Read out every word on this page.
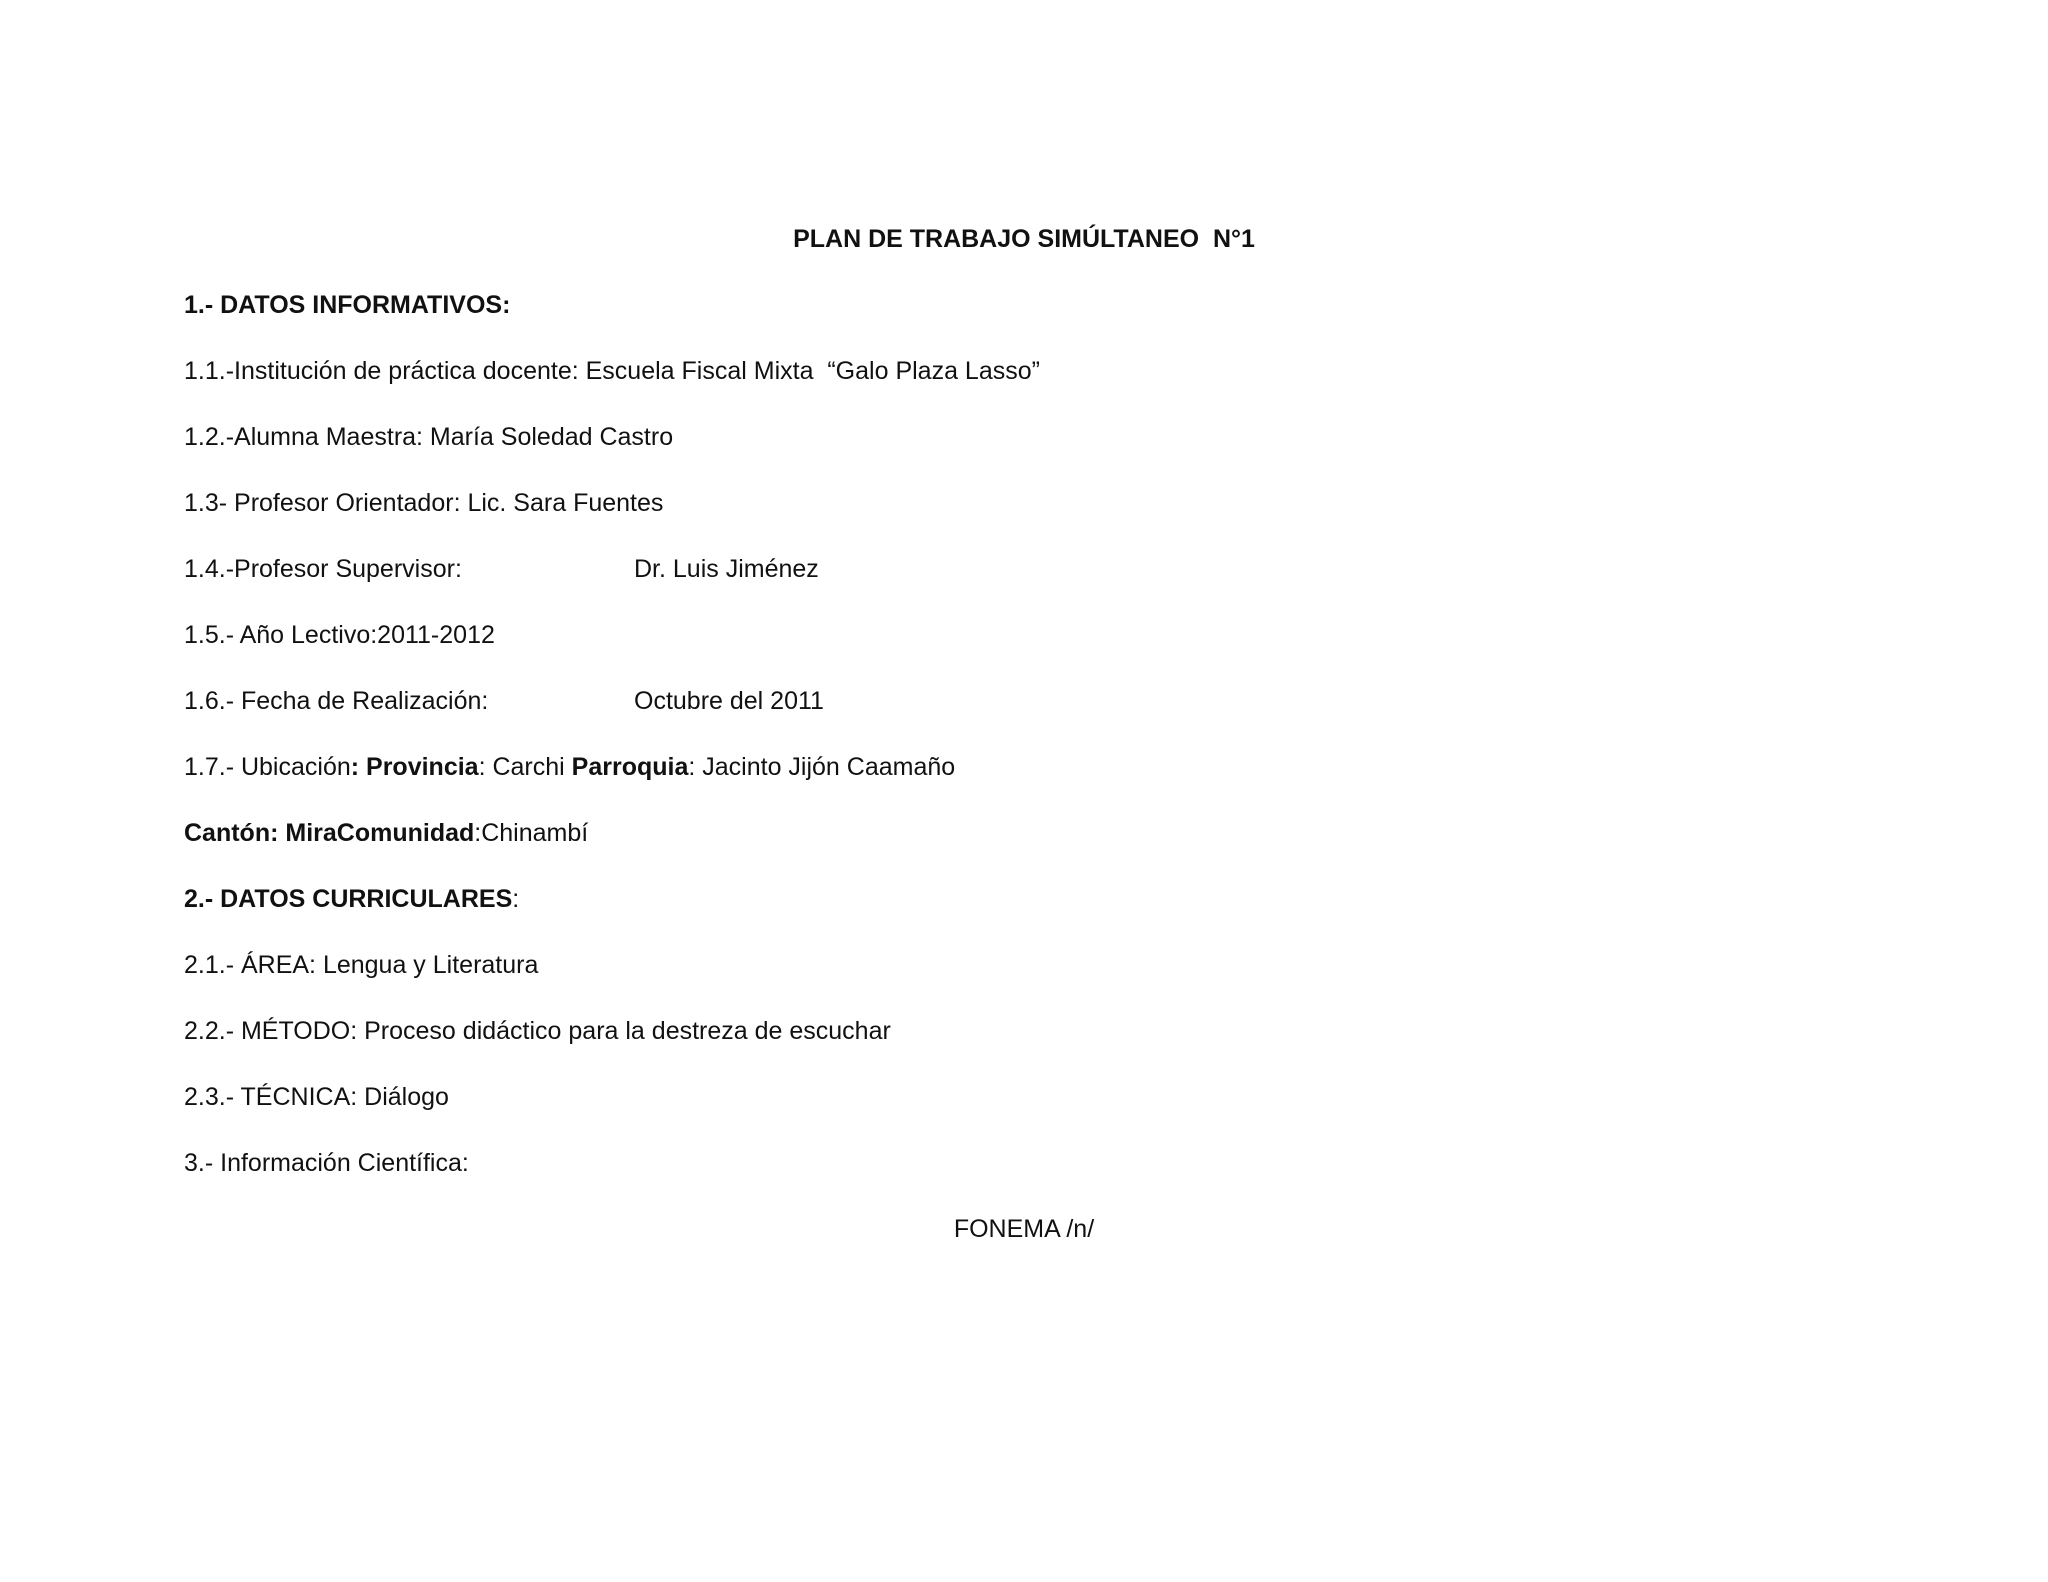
PLAN DE TRABAJO SIMÚLTANEO  N°1
1.- DATOS INFORMATIVOS:
1.1.-Institución de práctica docente: Escuela Fiscal Mixta  “Galo Plaza Lasso”
1.2.-Alumna Maestra: María Soledad Castro
1.3- Profesor Orientador: Lic. Sara Fuentes
1.4.-Profesor Supervisor:	Dr. Luis Jiménez
1.5.- Año Lectivo:2011-2012
1.6.- Fecha de Realización:	Octubre del 2011
1.7.- Ubicación: Provincia: Carchi Parroquia: Jacinto Jijón Caamaño
Cantón: MiraComunidad:Chinambí
2.- DATOS CURRICULARES:
2.1.- ÁREA: Lengua y Literatura
2.2.- MÉTODO: Proceso didáctico para la destreza de escuchar
2.3.- TÉCNICA: Diálogo
3.- Información Científica:
FONEMA /n/
